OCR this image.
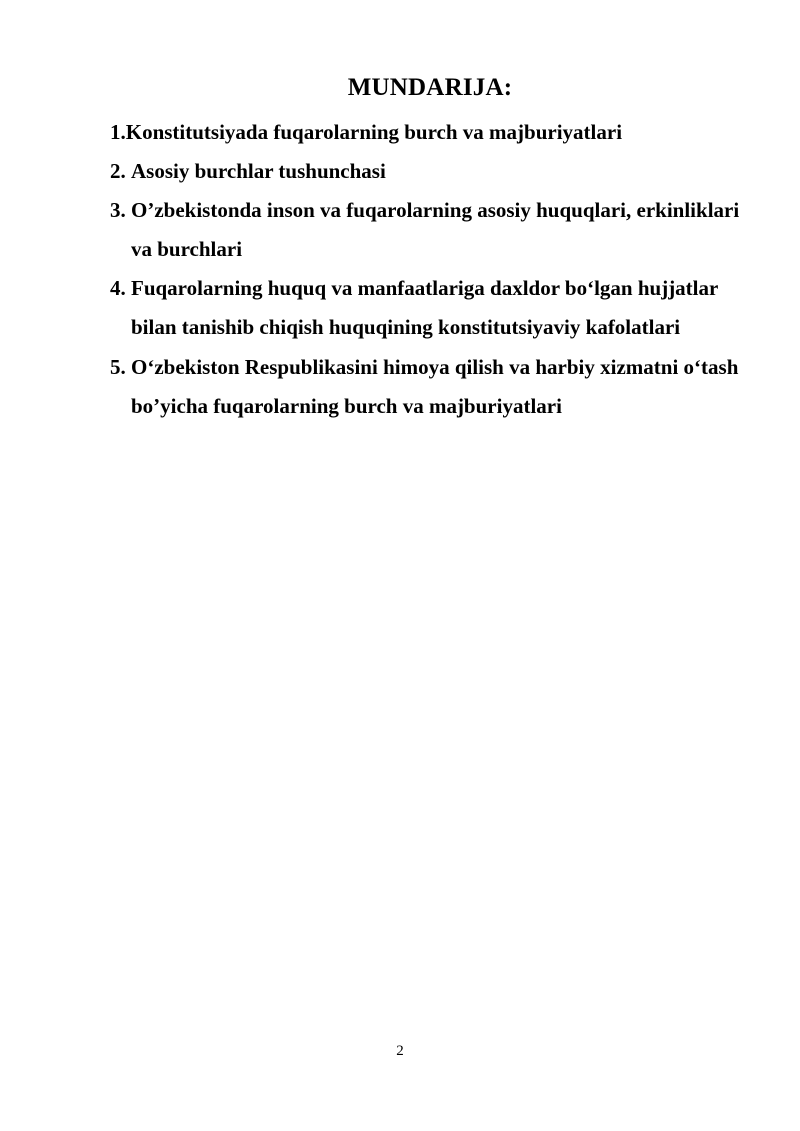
MUNDARIJA:
1. Konstitutsiyada fuqarolarning burch va majburiyatlari
2. Asosiy burchlar tushunchasi
3. O’zbekistonda inson va fuqarolarning asosiy huquqlari, erkinliklari va burchlari
4. Fuqarolarning huquq va manfaatlariga daxldor bo‘lgan hujjatlar bilan tanishib chiqish huquqining konstitutsiyaviy kafolatlari
5. O‘zbekiston Respublikasini himoya qilish va harbiy xizmatni o‘tash bo’yicha fuqarolarning burch va majburiyatlari
2
